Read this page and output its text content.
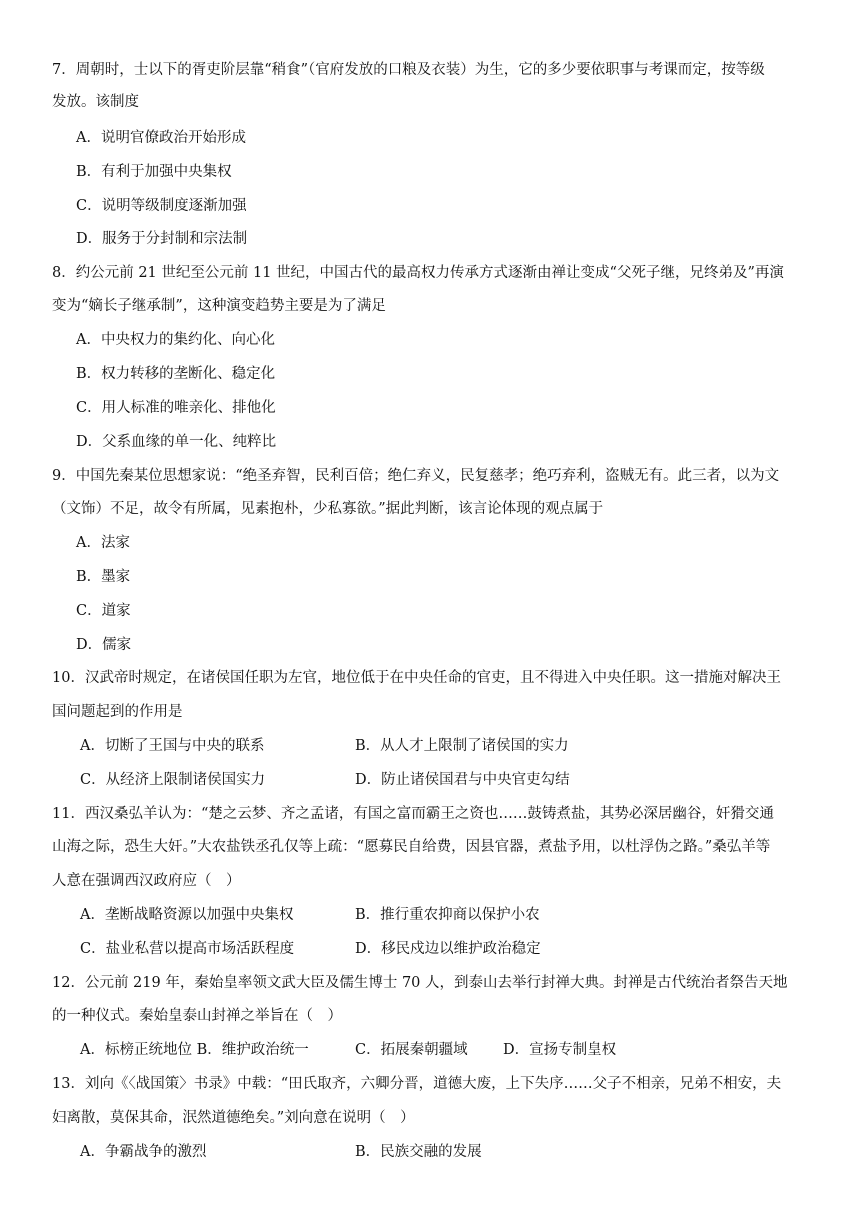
7．周朝时，士以下的胥吏阶层靠“稍食”（官府发放的口粮及衣装）为生，它的多少要依职事与考课而定，按等级
发放。该制度
A．说明官僚政治开始形成
B．有利于加强中央集权
C．说明等级制度逐渐加强
D．服务于分封制和宗法制
8．约公元前 21 世纪至公元前 11 世纪，中国古代的最高权力传承方式逐渐由禅让变成“父死子继，兄终弟及”再演
变为“嫡长子继承制”，这种演变趋势主要是为了满足
A．中央权力的集约化、向心化
B．权力转移的垄断化、稳定化
C．用人标准的唯亲化、排他化
D．父系血缘的单一化、纯粹比
9．中国先秦某位思想家说：“绝圣弃智，民利百倍；绝仁弃义，民复慈孝；绝巧弃利，盗贼无有。此三者，以为文
（文饰）不足，故令有所属，见素抱朴，少私寡欲。”据此判断，该言论体现的观点属于
A．法家
B．墨家
C．道家
D．儒家
10．汉武帝时规定，在诸侯国任职为左官，地位低于在中央任命的官吏，且不得进入中央任职。这一措施对解决王
国问题起到的作用是
A．切断了王国与中央的联系	B．从人才上限制了诸侯国的实力
C．从经济上限制诸侯国实力	D．防止诸侯国君与中央官吏勾结
11．西汉桑弘羊认为：“楚之云梦、齐之孟诸，有国之富而霸王之资也……鼓铸煮盐，其势必深居幽谷，奸猾交通
山海之际，恐生大奸。”大农盐铁丞孔仅等上疏：“愿募民自给费，因县官器，煮盐予用，以杜浮伪之路。”桑弘羊等
人意在强调西汉政府应（　）
A．垄断战略资源以加强中央集权	B．推行重农抑商以保护小农
C．盐业私营以提高市场活跃程度	D．移民戍边以维护政治稳定
12．公元前 219 年，秦始皇率领文武大臣及儒生博士 70 人，到泰山去举行封禅大典。封禅是古代统治者祭告天地
的一种仪式。秦始皇泰山封禅之举旨在（　）
A．标榜正统地位 B．维护政治统一	C．拓展秦朝疆域 D．宣扬专制皇权
13．刘向《〈战国策〉书录》中载：“田氏取齐，六卿分晋，道德大废，上下失序……父子不相亲，兄弟不相安，夫
妇离散，莫保其命，泯然道德绝矣。”刘向意在说明（　）
A．争霸战争的激烈	B．民族交融的发展
